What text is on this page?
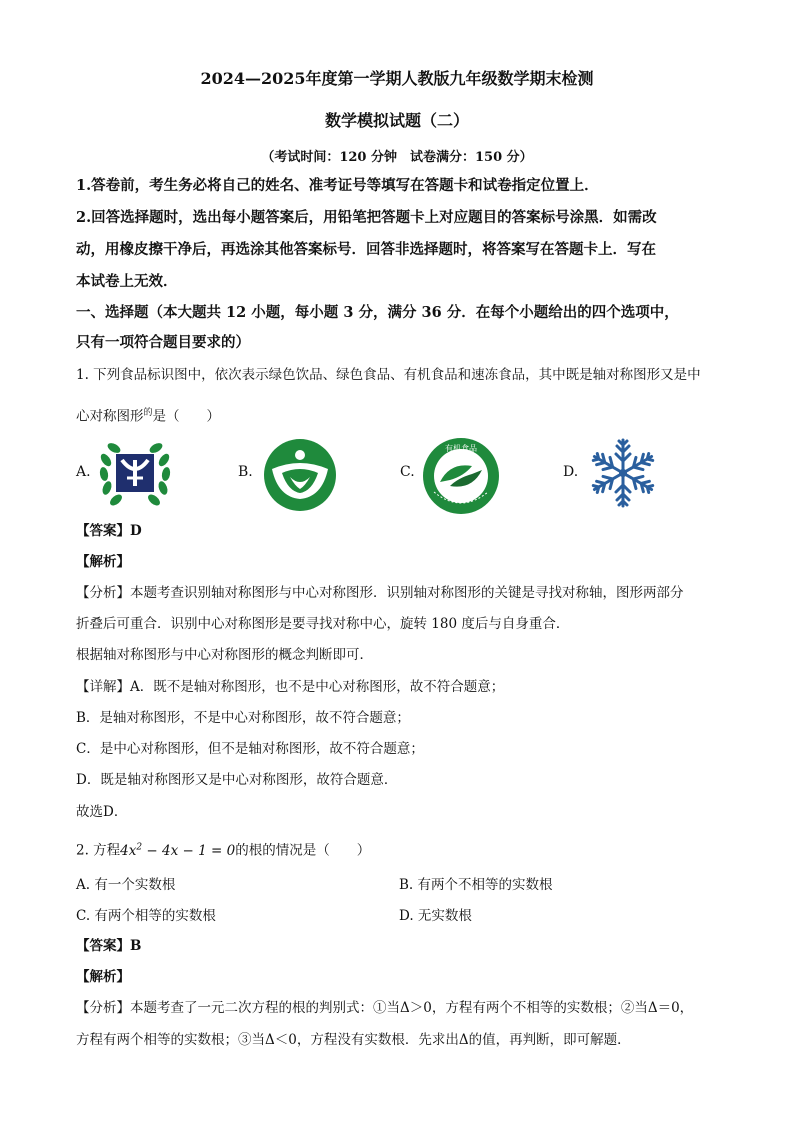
2024—2025年度第一学期人教版九年级数学期末检测
数学模拟试题（二）
（考试时间：120 分钟　试卷满分：150 分）
1.答卷前，考生务必将自己的姓名、准考证号等填写在答题卡和试卷指定位置上．
2.回答选择题时，选出每小题答案后，用铅笔把答题卡上对应题目的答案标号涂黑．如需改
动，用橡皮擦干净后，再选涂其他答案标号．回答非选择题时，将答案写在答题卡上．写在
本试卷上无效．
一、选择题（本大题共 12 小题，每小题 3 分，满分 36 分．在每个小题给出的四个选项中，
只有一项符合题目要求的）
1. 下列食品标识图中，依次表示绿色饮品、绿色食品、有机食品和速冻食品，其中既是轴对称图形又是中
心对称图形$^的$是（　　）
A.	B.	C.	D.
有机食品
【答案】D
【解析】
【分析】本题考查识别轴对称图形与中心对称图形．识别轴对称图形的关键是寻找对称轴，图形两部分
折叠后可重合．识别中心对称图形是要寻找对称中心，旋转 180 度后与自身重合．
根据轴对称图形与中心对称图形的概念判断即可．
【详解】A．既不是轴对称图形，也不是中心对称图形，故不符合题意；
B．是轴对称图形，不是中心对称图形，故不符合题意；
C．是中心对称图形，但不是轴对称图形，故不符合题意；
D．既是轴对称图形又是中心对称图形，故符合题意．
故选D．
2. 方程$4x^2 - 4x - 1 = 0$的根的情况是（　　）
A. 有一个实数根	B. 有两个不相等的实数根
C. 有两个相等的实数根	D. 无实数根
【答案】B
【解析】
【分析】本题考查了一元二次方程的根的判别式：①当Δ＞0，方程有两个不相等的实数根；②当Δ＝0，
方程有两个相等的实数根；③当Δ＜0，方程没有实数根．先求出Δ的值，再判断，即可解题．
